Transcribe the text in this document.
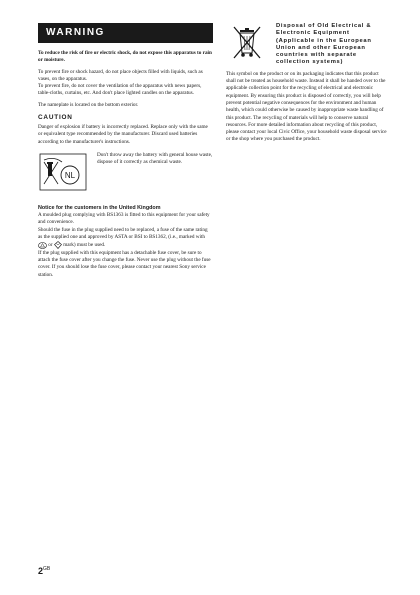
WARNING

To reduce the risk of fire or electric shock, do not expose this apparatus to rain or moisture.

To prevent fire or shock hazard, do not place objects filled with liquids, such as vases, on the apparatus.

To prevent fire, do not cover the ventilation of the apparatus with news papers, table-cloths, curtains, etc. And don't place lighted candles on the apparatus.

The nameplate is located on the bottom exterior.

CAUTION

Danger of explosion if battery is incorrectly replaced. Replace only with the same or equivalent type recommended by the manufacturer. Discard used batteries according to the manufacturer's instructions.

NL

Don't throw away the battery with general house waste, dispose of it correctly as chemical waste.

Notice for the customers in the United Kingdom

A moulded plug complying with BS1363 is fitted to this equipment for your safety and convenience.

Should the fuse in the plug supplied need to be replaced, a fuse of the same rating as the supplied one and approved by ASTA or BSI to BS1362, (i.e., marked with  or mark) must be used.

If the plug supplied with this equipment has a detachable fuse cover, be sure to attach the fuse cover after you change the fuse. Never use the plug without the fuse cover. If you should lose the fuse cover, please contact your nearest Sony service station.

Disposal of Old Electrical & Electronic Equipment (Applicable in the European Union and other European countries with separate collection systems)

This symbol on the product or on its packaging indicates that this product shall not be treated as household waste. Instead it shall be handed over to the applicable collection point for the recycling of electrical and electronic equipment. By ensuring this product is disposed of correctly, you will help prevent potential negative consequences for the environment and human health, which could otherwise be caused by inappropriate waste handling of this product. The recycling of materials will help to conserve natural resources. For more detailed information about recycling of this product, please contact your local Civic Office, your household waste disposal service or the shop where you purchased the product.

$2^{GB}$
